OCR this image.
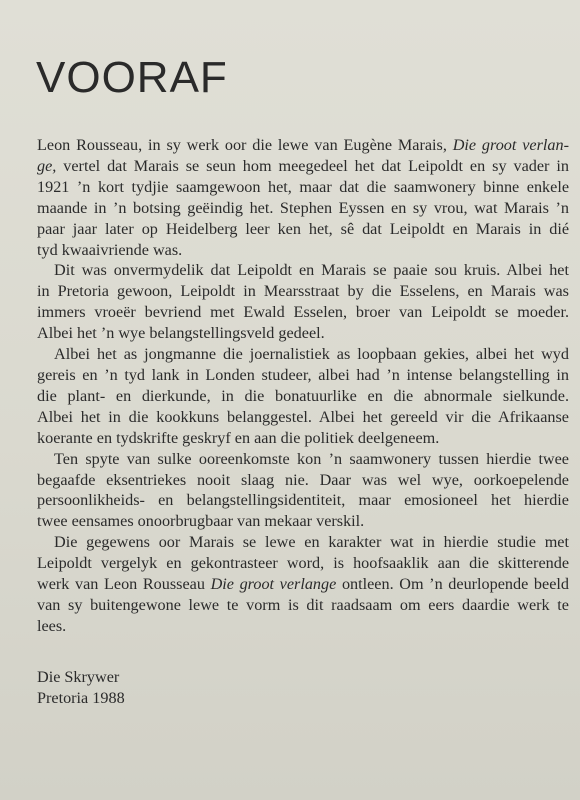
VOORAF

Leon Rousseau, in sy werk oor die lewe van Eugène Marais, Die groot verlan-
ge, vertel dat Marais se seun hom meegedeel het dat Leipoldt en sy vader in
1921 ’n kort tydjie saamgewoon het, maar dat die saamwonery binne enkele
maande in ’n botsing geëindig het. Stephen Eyssen en sy vrou, wat Marais ’n
paar jaar later op Heidelberg leer ken het, sê dat Leipoldt en Marais in dié
tyd kwaaivriende was.

Dit was onvermydelik dat Leipoldt en Marais se paaie sou kruis. Albei het
in Pretoria gewoon, Leipoldt in Mearsstraat by die Esselens, en Marais was
immers vroeër bevriend met Ewald Esselen, broer van Leipoldt se moeder.
Albei het ’n wye belangstellingsveld gedeel.

Albei het as jongmanne die joernalistiek as loopbaan gekies, albei het wyd
gereis en ’n tyd lank in Londen studeer, albei had ’n intense belangstelling in
die plant- en dierkunde, in die bonatuurlike en die abnormale sielkunde.
Albei het in die kookkuns belanggestel. Albei het gereeld vir die Afrikaanse
koerante en tydskrifte geskryf en aan die politiek deelgeneem.

Ten spyte van sulke ooreenkomste kon ’n saamwonery tussen hierdie twee
begaafde eksentriekes nooit slaag nie. Daar was wel wye, oorkoepelende
persoonlikheids- en belangstellingsidentiteit, maar emosioneel het hierdie
twee eensames onoorbrugbaar van mekaar verskil.

Die gegewens oor Marais se lewe en karakter wat in hierdie studie met
Leipoldt vergelyk en gekontrasteer word, is hoofsaaklik aan die skitterende
werk van Leon Rousseau Die groot verlange ontleen. Om ’n deurlopende beeld
van sy buitengewone lewe te vorm is dit raadsaam om eers daardie werk te
lees.

Die Skrywer
Pretoria 1988
